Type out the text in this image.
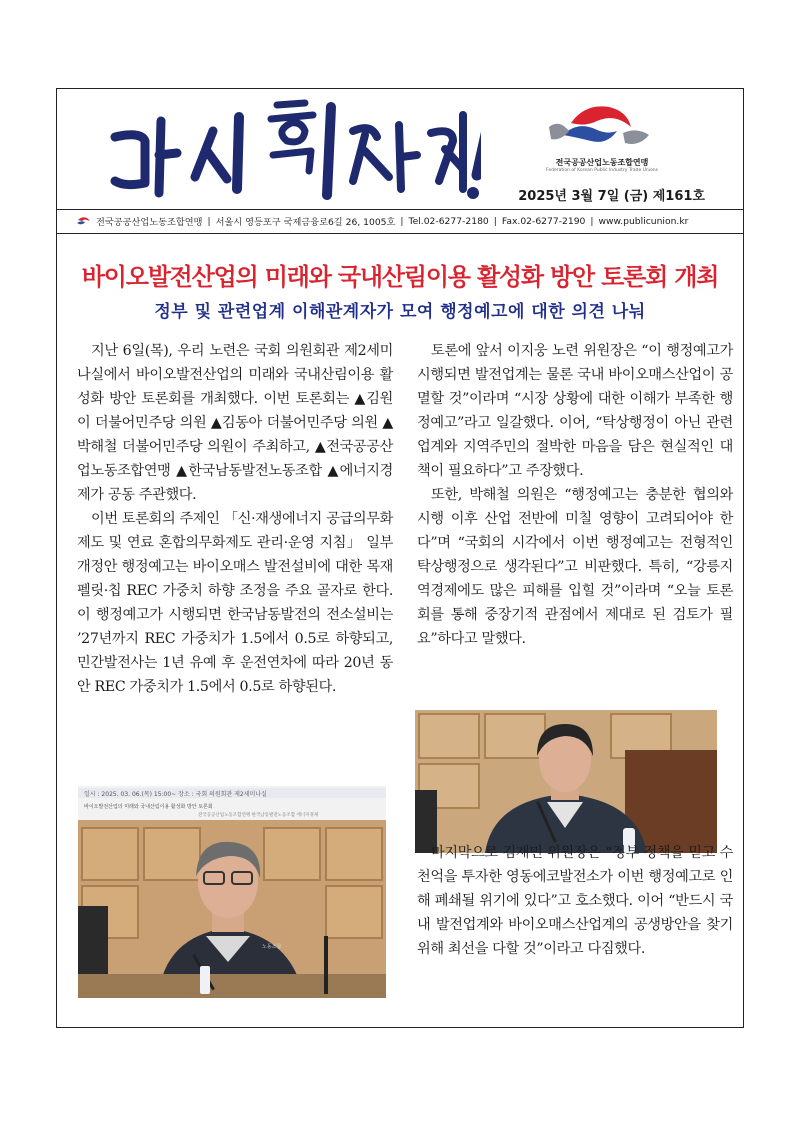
전국공공산업노동조합연맹
Federation of Korean Public Industry Trade Unions
2025년 3월 7일 (금) 제161호
전국공공산업노동조합연맹 | 서울시 영등포구 국제금융로6길 26, 1005호 | Tel.02-6277-2180 | Fax.02-6277-2190 | www.publicunion.kr
바이오발전산업의 미래와 국내산림이용 활성화 방안 토론회 개최
정부 및 관련업계 이해관계자가 모여 행정예고에 대한 의견 나눠

지난 6일(목), 우리 노련은 국회 의원회관 제2세미나실에서 바이오발전산업의 미래와 국내산림이용 활성화 방안 토론회를 개최했다. 이번 토론회는 ▲김원이 더불어민주당 의원 ▲김동아 더불어민주당 의원 ▲박해철 더불어민주당 의원이 주최하고, ▲전국공공산업노동조합연맹 ▲한국남동발전노동조합 ▲에너지경제가 공동 주관했다.

이번 토론회의 주제인 「신·재생에너지 공급의무화제도 및 연료 혼합의무화제도 관리·운영 지침」 일부개정안 행정예고는 바이오매스 발전설비에 대한 목재펠릿·칩 REC 가중치 하향 조정을 주요 골자로 한다. 이 행정예고가 시행되면 한국남동발전의 전소설비는 ’27년까지 REC 가중치가 1.5에서 0.5로 하향되고, 민간발전사는 1년 유예 후 운전연차에 따라 20년 동안 REC 가중치가 1.5에서 0.5로 하향된다.

토론에 앞서 이지웅 노련 위원장은 “이 행정예고가 시행되면 발전업계는 물론 국내 바이오매스산업이 공멸할 것”이라며 “시장 상황에 대한 이해가 부족한 행정예고”라고 일갈했다. 이어, “탁상행정이 아닌 관련 업계와 지역주민의 절박한 마음을 담은 현실적인 대책이 필요하다”고 주장했다.

또한, 박해철 의원은 “행정예고는 충분한 협의와 시행 이후 산업 전반에 미칠 영향이 고려되어야 한다”며 “국회의 시각에서 이번 행정예고는 전형적인 탁상행정으로 생각된다”고 비판했다. 특히, “강릉지역경제에도 많은 피해를 입힐 것”이라며 “오늘 토론회를 통해 중장기적 관점에서 제대로 된 검토가 필요”하다고 말했다.

일시 : 2025. 03. 06.(목) 15:00~ 장소 : 국회 의원회관 제2세미나실
바이오발전산업의 미래와 국내산림이용 활성화 방안 토론회
전국공공산업노동조합연맹 한국남동발전노동조합 에너지경제
노동조합

마지막으로 김재민 위원장은 “정부 정책을 믿고 수천억을 투자한 영동에코발전소가 이번 행정예고로 인해 폐쇄될 위기에 있다”고 호소했다. 이어 “반드시 국내 발전업계와 바이오매스산업계의 공생방안을 찾기 위해 최선을 다할 것”이라고 다짐했다.
